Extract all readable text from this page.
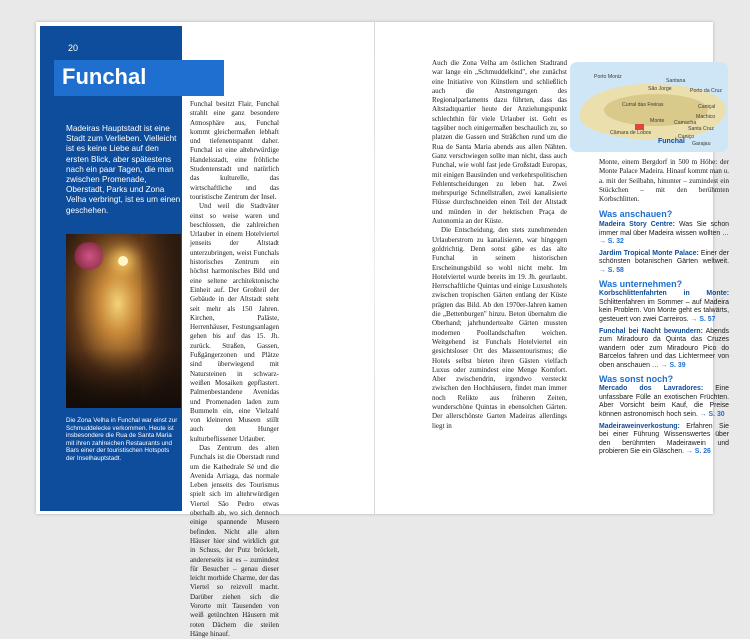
20
Madeiras Hauptstadt ist eine Stadt zum Verlieben. Vielleicht ist es keine Liebe auf den ersten Blick, aber spätestens nach ein paar Tagen, die man zwischen Promenade, Oberstadt, Parks und Zona Velha verbringt, ist es um einen geschehen.
Die Zona Velha in Funchal war einst zur Schmuddelecke verkommen. Heute ist insbesondere die Rua de Santa Maria mit ihren zahlreichen Restaurants und Bars einer der touristischen Hotspots der Inselhauptstadt.
Funchal

Funchal besitzt Flair, Funchal strahlt eine ganz besondere Atmosphäre aus, Funchal kommt gleichermaßen lebhaft und tiefenentspannt daher. Funchal ist eine altehrwürdige Handelsstadt, eine fröhliche Studentenstadt und natürlich das kulturelle, das wirtschaftliche und das touristische Zentrum der Insel.

Und weil die Stadtväter einst so weise waren und beschlossen, die zahlreichen Urlauber in einem Hotelviertel jenseits der Altstadt unterzubringen, weist Funchals historisches Zentrum ein höchst harmonisches Bild und eine seltene architektonische Einheit auf. Der Großteil der Gebäude in der Altstadt steht seit mehr als 150 Jahren. Kirchen, Paläste, Herrenhäuser, Festungsanlagen gehen bis auf das 15. Jh. zurück. Straßen, Gassen, Fußgängerzonen und Plätze sind überwiegend mit Natursteinen in schwarz-weißen Mosaiken gepflastert. Palmenbestandene Avenidas und Promenaden laden zum Bummeln ein, eine Vielzahl von kleineren Museen stillt auch den Hunger kulturbeflissener Urlauber.

Das Zentrum des alten Funchals ist die Oberstadt rund um die Kathedrale Sé und die Avenida Arriaga, das normale Leben jenseits des Tourismus spielt sich im altehrwürdigen Viertel São Pedro etwas oberhalb ab, wo sich dennoch einige spannende Museen befinden. Nicht alle alten Häuser hier sind wirklich gut in Schuss, der Putz bröckelt, andererseits ist es – zumindest für Besucher – genau dieser leicht morbide Charme, der das Viertel so reizvoll macht. Darüber ziehen sich die Vororte mit Tausenden von weiß getünchten Häusern mit roten Dächern die steilen Hänge hinauf.

Auch die Zona Velha am östlichen Stadtrand war lange ein „Schmuddelkind", ehe zunächst eine Initiative von Künstlern und schließlich auch die Anstrengungen des Regionalparlaments dazu führten, dass das Altstadtquartier heute der Anziehungspunkt schlechthin für viele Urlauber ist. Geht es tagsüber noch einigermaßen beschaulich zu, so platzen die Gassen und Sträßchen rund um die Rua de Santa Maria abends aus allen Nähten. Ganz verschwiegen sollte man nicht, dass auch Funchal, wie wohl fast jede Großstadt Europas, mit einigen Bausünden und verkehrspolitischen Fehlentscheidungen zu leben hat. Zwei mehrspurige Schnellstraßen, zwei kanalisierte Flüsse durchschneiden einen Teil der Altstadt und münden in der hektischen Praça de Autonomia an der Küste.

Die Entscheidung, den stets zunehmenden Urlauberstrom zu kanalisieren, war hingegen goldrichtig. Denn sonst gäbe es das alte Funchal in seinem historischen Erscheinungsbild so wohl nicht mehr. Im Hotelviertel wurde bereits im 19. Jh. geurlaubt. Herrschaftliche Quintas und einige Luxushotels zwischen tropischen Gärten entlang der Küste prägten das Bild. Ab den 1970er-Jahren kamen die „Bettenburgen" hinzu. Beton übernahm die Oberhand; jahrhundertealte Gärten mussten modernen Poollandschaften weichen. Weitgehend ist Funchals Hotelviertel ein gesichtsloser Ort des Massentourismus; die Hotels selbst bieten ihren Gästen vielfach Luxus oder zumindest eine Menge Komfort. Aber zwischendrin, irgendwo versteckt zwischen den Hochhäusern, findet man immer noch Relikte aus früheren Zeiten, wunderschöne Quintas in ebensolchen Gärten. Der allerschönste Garten Madeiras allerdings liegt in

Porto Moniz
Santana
Porto da Cruz
Caniçal
Machico
São Jorge
Curral das Freiras
Monte Camacha
Santa Cruz
Caniço
Garajau
Câmara de Lobos
Funchal

Monte, einem Bergdorf in 500 m Höhe: der Monte Palace Madeira. Hinauf kommt man u. a. mit der Seilbahn, hinunter – zumindest ein Stückchen – mit den berühmten Korbschlitten.

Was anschauen?

Madeira Story Centre: Was Sie schon immer mal über Madeira wissen wollten … → S. 32

Jardim Tropical Monte Palace: Einer der schönsten botanischen Gärten weltweit. → S. 58

Was unternehmen?

Korbschlittenfahrten in Monte: Schlittenfahren im Sommer – auf Madeira kein Problem. Von Monte geht es talwärts, gesteuert von zwei Carreiros. → S. 57

Funchal bei Nacht bewundern: Abends zum Miradouro da Quinta das Cruzes wandern oder zum Miradouro Pico do Barcelos fahren und das Lichtermeer von oben anschauen … → S. 39

Was sonst noch?

Mercado dos Lavradores: Eine unfassbare Fülle an exotischen Früchten. Aber Vorsicht beim Kauf, die Preise können astronomisch hoch sein. → S. 30

Madeiraweinverkostung: Erfahren Sie bei einer Führung Wissenswertes über den berühmten Madeirawein und probieren Sie ein Gläschen. → S. 26
